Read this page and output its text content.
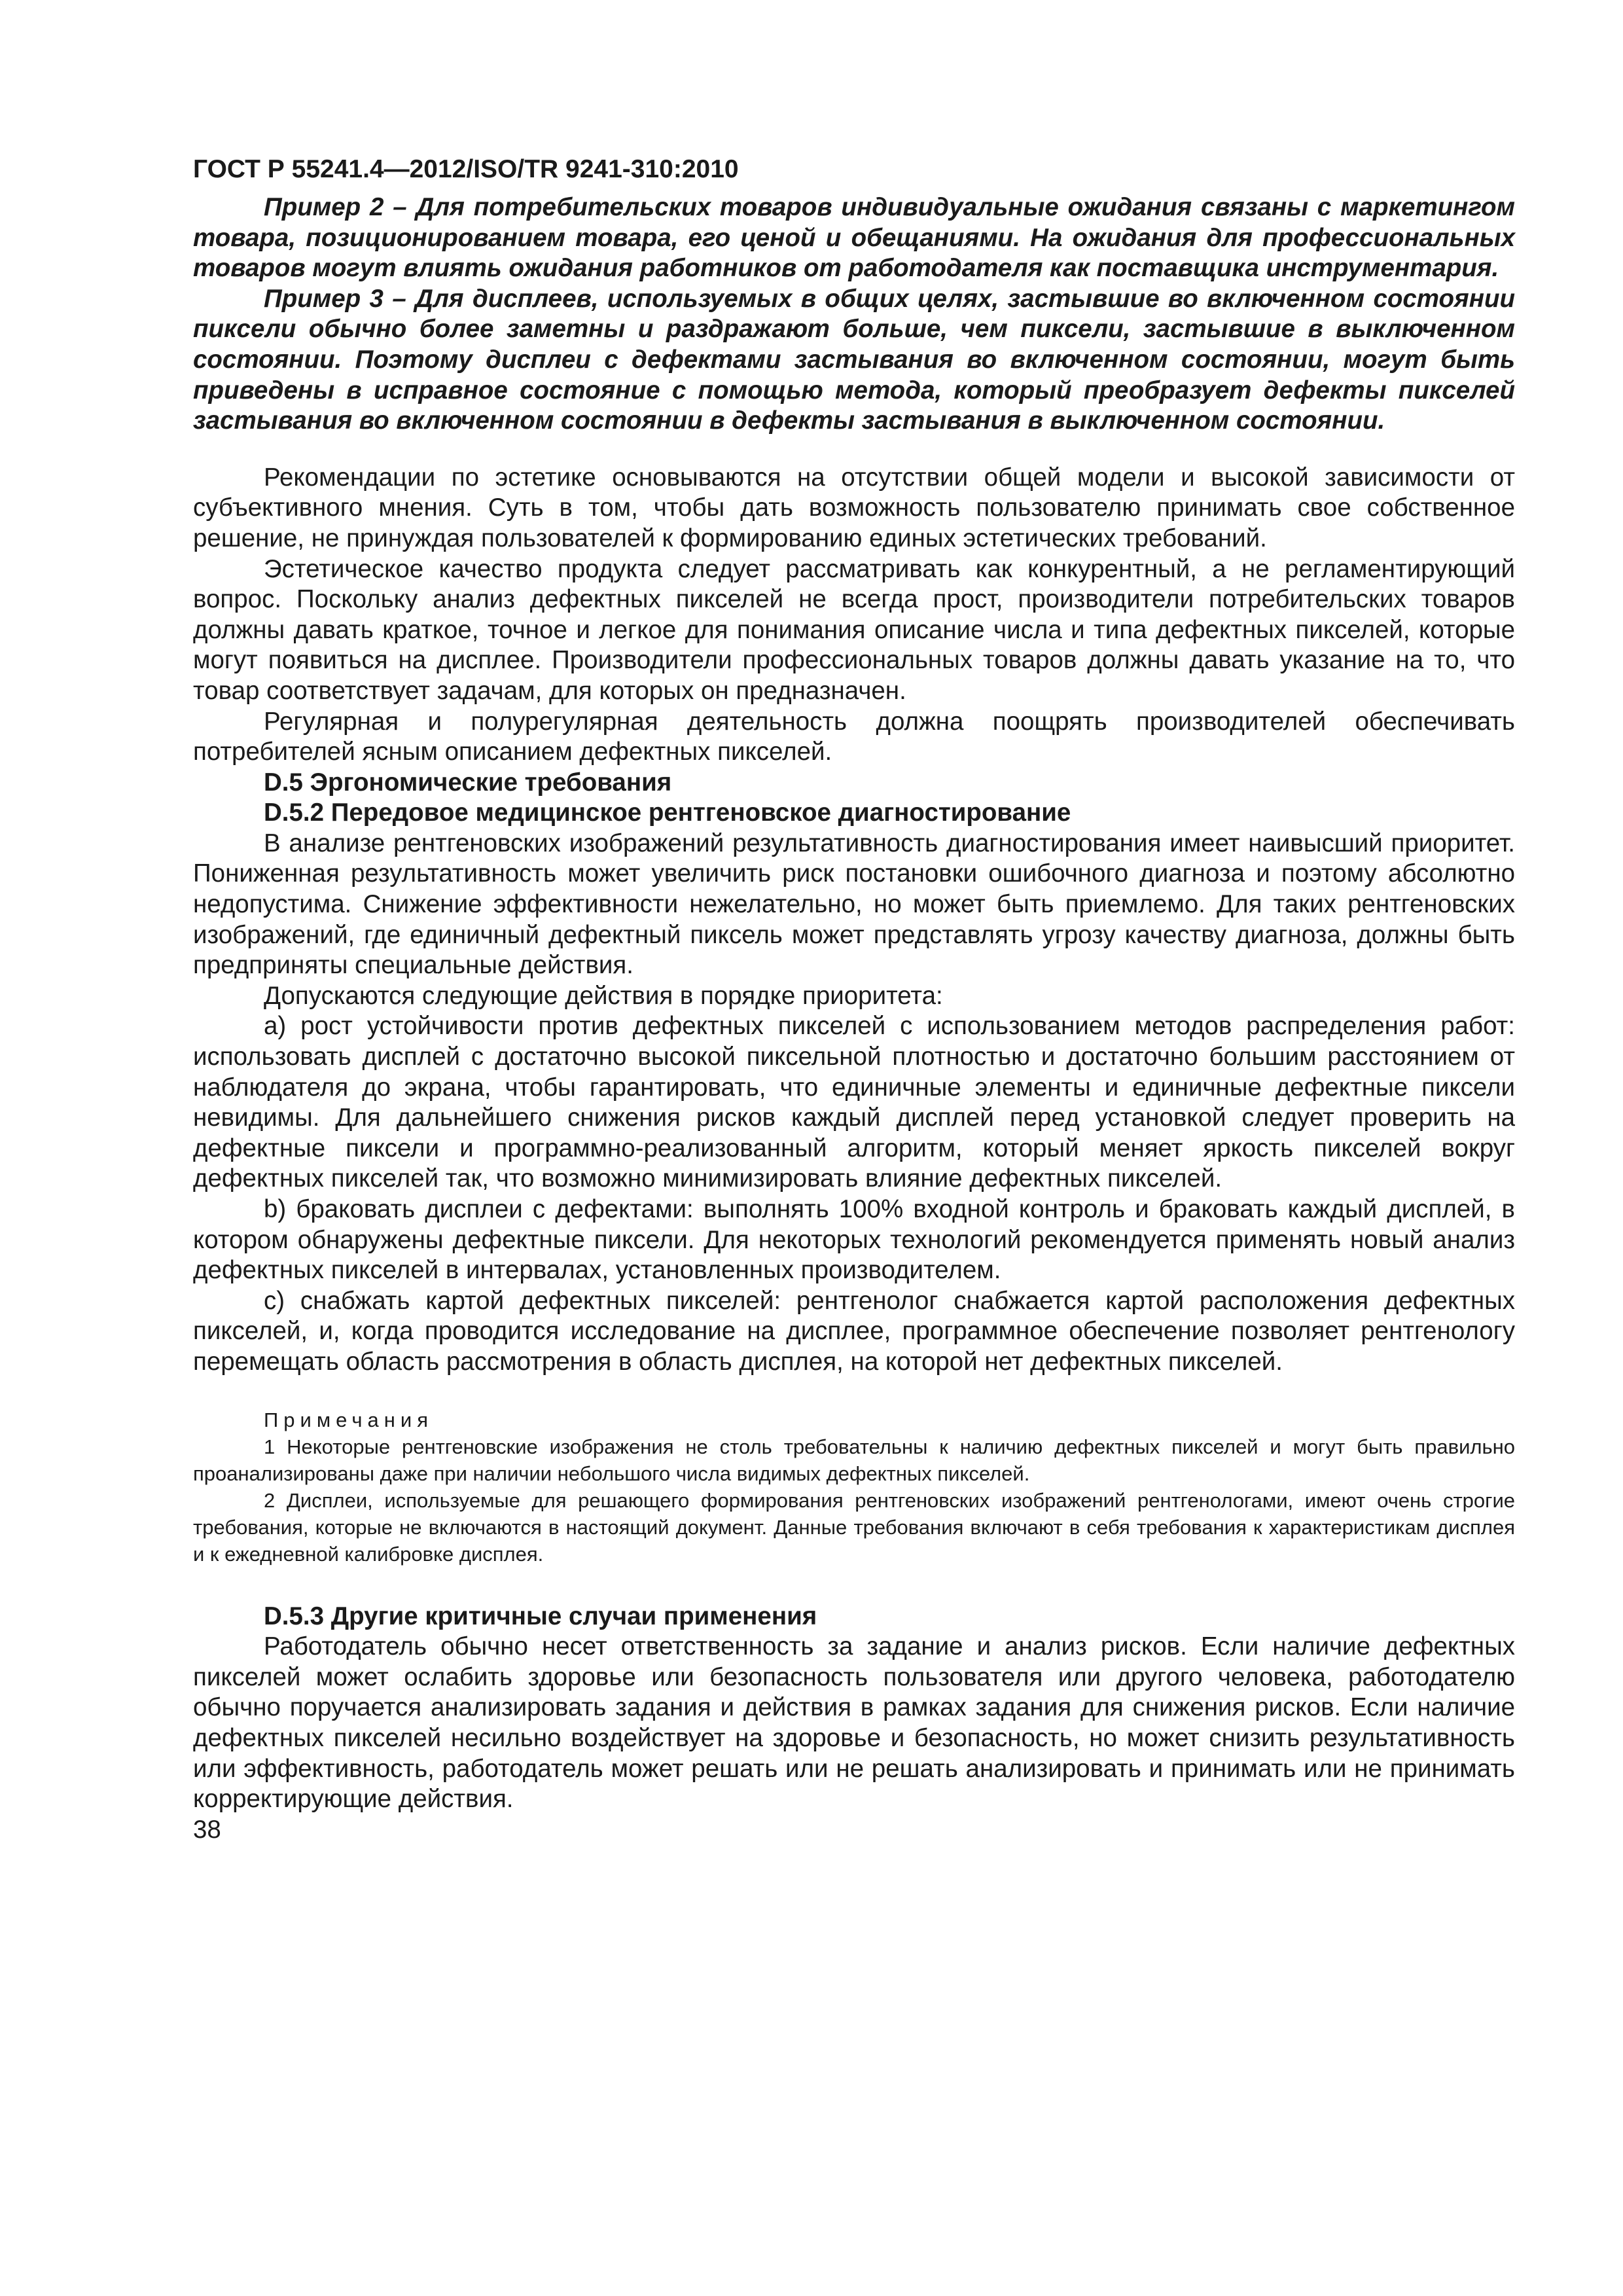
ГОСТ Р 55241.4—2012/ISO/TR 9241-310:2010

Пример 2 – Для потребительских товаров индивидуальные ожидания связаны с маркетингом товара, позиционированием товара, его ценой и обещаниями. На ожидания для профессиональных товаров могут влиять ожидания работников от работодателя как поставщика инструментария.

Пример 3 – Для дисплеев, используемых в общих целях, застывшие во включенном состоянии пиксели обычно более заметны и раздражают больше, чем пиксели, застывшие в выключенном состоянии. Поэтому дисплеи с дефектами застывания во включенном состоянии, могут быть приведены в исправное состояние с помощью метода, который преобразует дефекты пикселей застывания во включенном состоянии в дефекты застывания в выключенном состоянии.

Рекомендации по эстетике основываются на отсутствии общей модели и высокой зависимости от субъективного мнения. Суть в том, чтобы дать возможность пользователю принимать свое собственное решение, не принуждая пользователей к формированию единых эстетических требований.

Эстетическое качество продукта следует рассматривать как конкурентный, а не регламентирующий вопрос. Поскольку анализ дефектных пикселей не всегда прост, производители потребительских товаров должны давать краткое, точное и легкое для понимания описание числа и типа дефектных пикселей, которые могут появиться на дисплее. Производители профессиональных товаров должны давать указание на то, что товар соответствует задачам, для которых он предназначен.

Регулярная и полурегулярная деятельность должна поощрять производителей обеспечивать потребителей ясным описанием дефектных пикселей.

D.5 Эргономические требования

D.5.2 Передовое медицинское рентгеновское диагностирование

В анализе рентгеновских изображений результативность диагностирования имеет наивысший приоритет. Пониженная результативность может увеличить риск постановки ошибочного диагноза и поэтому абсолютно недопустима. Снижение эффективности нежелательно, но может быть приемлемо. Для таких рентгеновских изображений, где единичный дефектный пиксель может представлять угрозу качеству диагноза, должны быть предприняты специальные действия.

Допускаются следующие действия в порядке приоритета:

a) рост устойчивости против дефектных пикселей с использованием методов распределения работ: использовать дисплей с достаточно высокой пиксельной плотностью и достаточно большим расстоянием от наблюдателя до экрана, чтобы гарантировать, что единичные элементы и единичные дефектные пиксели невидимы. Для дальнейшего снижения рисков каждый дисплей перед установкой следует проверить на дефектные пиксели и программно-реализованный алгоритм, который меняет яркость пикселей вокруг дефектных пикселей так, что возможно минимизировать влияние дефектных пикселей.

b) браковать дисплеи с дефектами: выполнять 100% входной контроль и браковать каждый дисплей, в котором обнаружены дефектные пиксели. Для некоторых технологий рекомендуется применять новый анализ дефектных пикселей в интервалах, установленных производителем.

c) снабжать картой дефектных пикселей: рентгенолог снабжается картой расположения дефектных пикселей, и, когда проводится исследование на дисплее, программное обеспечение позволяет рентгенологу перемещать область рассмотрения в область дисплея, на которой нет дефектных пикселей.

Примечания

1 Некоторые рентгеновские изображения не столь требовательны к наличию дефектных пикселей и могут быть правильно проанализированы даже при наличии небольшого числа видимых дефектных пикселей.

2 Дисплеи, используемые для решающего формирования рентгеновских изображений рентгенологами, имеют очень строгие требования, которые не включаются в настоящий документ. Данные требования включают в себя требования к характеристикам дисплея и к ежедневной калибровке дисплея.

D.5.3 Другие критичные случаи применения

Работодатель обычно несет ответственность за задание и анализ рисков. Если наличие дефектных пикселей может ослабить здоровье или безопасность пользователя или другого человека, работодателю обычно поручается анализировать задания и действия в рамках задания для снижения рисков. Если наличие дефектных пикселей несильно воздействует на здоровье и безопасность, но может снизить результативность или эффективность, работодатель может решать или не решать анализировать и принимать или не принимать корректирующие действия.

38
